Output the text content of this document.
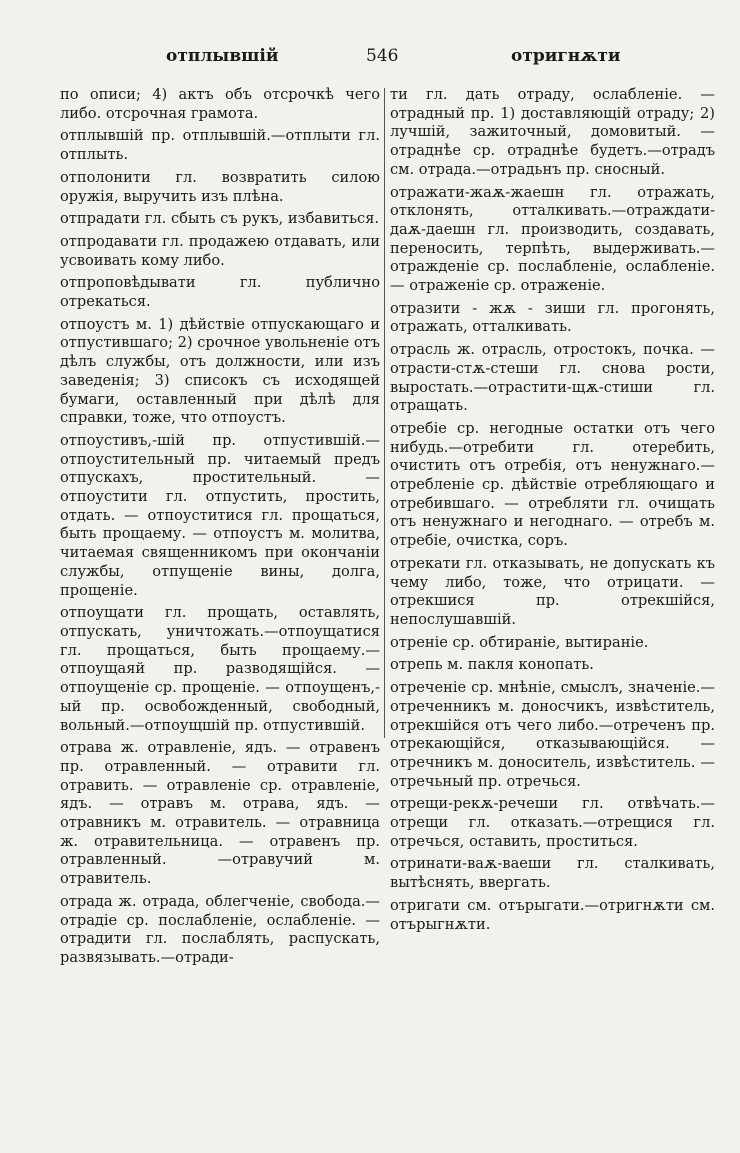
отплывшій	546	отригнѫти

по описи; 4) актъ объ отсрочкѣ чего либо. отсрочная грамота.

отплывшій пр. отплывшій.—отплыти гл. отплыть.

отполонити гл. возвратить силою оружія, выручить изъ плѣна.

отпрадати гл. сбыть съ рукъ, избавиться.

отпродавати гл. продажею отдавать, или усвоивать кому либо.

отпроповѣдывати гл. публично отрекаться.

отпоустъ м. 1) дѣйствіе отпускающаго и отпустившаго; 2) срочное увольненіе отъ дѣлъ службы, отъ должности, или изъ заведенія; 3) списокъ съ исходящей бумаги, оставленный при дѣлѣ для справки, тоже, что отпоустъ.

отпоустивъ,-шій пр. отпустившій.— отпоустительный пр. читаемый предъ отпускахъ, простительный. — отпоустити гл. отпустить, простить, отдать. — отпоуститися гл. прощаться, быть прощаему. — отпоустъ м. молитва, читаемая священникомъ при окончаніи службы, отпущеніе вины, долга, прощеніе.

отпоущати гл. прощать, оставлять, отпускать, уничтожать.—отпоущатися гл. прощаться, быть прощаему.—отпоущаяй пр. разводящійся. —отпоущеніе ср. прощеніе. — отпоущенъ,-ый пр. освобожденный, свободный, вольный.—отпоущшій пр. отпустившій.

отрава ж. отравленіе, ядъ. — отравенъ пр. отравленный. — отравити гл. отравить. — отравленіе ср. отравленіе, ядъ. — отравъ м. отрава, ядъ. — отравникъ м. отравитель. — отравница ж. отравительница. — отравенъ пр. отравленный. —отравучий м. отравитель.

отрада ж. отрада, облегченіе, свобода.—отрадіе ср. послабленіе, ослабленіе. — отрадити гл. послаблять, распускать, развязывать.—отради-

ти гл. дать отраду, ослабленіе. — отрадный пр. 1) доставляющій отраду; 2) лучшій, зажиточный, домовитый. — отраднѣе ср. отраднѣе будетъ.—отрадъ см. отрада.—отрадьнъ пр. сносный.

отражати-жаѫ-жаешн гл. отражать, отклонять, отталкивать.—отраждати-даѫ-даешн гл. производить, создавать, переносить, терпѣть, выдерживать.—отражденіе ср. послабленіе, ослабленіе. — отраженіе ср. отраженіе.

отразити - жѫ - зиши гл. прогонять, отражать, отталкивать.

отрасль ж. отрасль, отростокъ, почка. — отрасти-стѫ-стеши гл. снова рости, выростать.—отрастити-щѫ-стиши гл. отращать.

отребіе ср. негодные остатки отъ чего нибудь.—отребити гл. отеребить, очистить отъ отребія, отъ ненужнаго.—отребленіе ср. дѣйствіе отребляющаго и отребившаго. — отребляти гл. очищать отъ ненужнаго и негоднаго. — отребъ м. отребіе, очистка, соръ.

отрекати гл. отказывать, не допускать къ чему либо, тоже, что отрицати. — отрекшися пр. отрекшійся, непослушавшій.

отреніе ср. обтираніе, вытираніе.

отрепь м. пакля конопать.

отреченіе ср. мнѣніе, смыслъ, значеніе.— отреченникъ м. доносчикъ, извѣститель, отрекшійся отъ чего либо.—отреченъ пр. отрекающійся, отказывающійся. — отречникъ м. доноситель, извѣститель. — отречьный пр. отречься.

отрещи-рекѫ-речеши гл. отвѣчать.— отрещи гл. отказать.—отрещися гл. отречься, оставить, проститься.

отринати-ваѫ-ваеши гл. сталкивать, вытѣснять, ввергать.

отригати см. отърыгати.—отригнѫти см. отърыгнѫти.
